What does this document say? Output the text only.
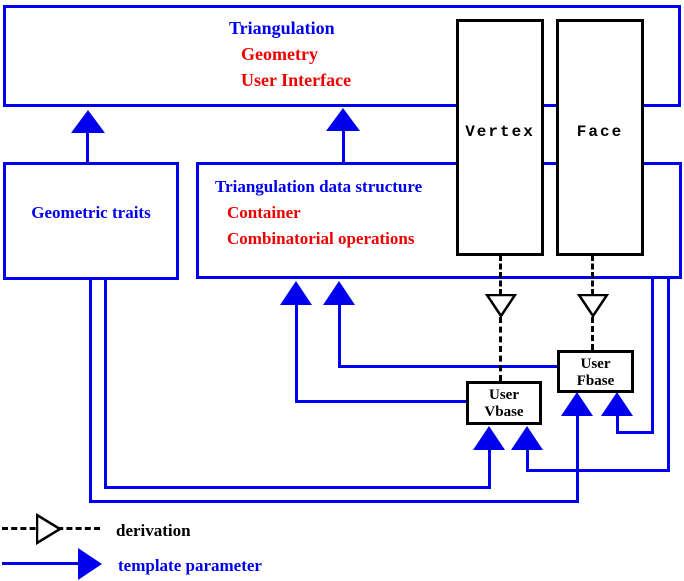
Triangulation
Geometry
User Interface
Geometric traits
Triangulation data structure
Container
Combinatorial operations
Vertex	Face
User
Vbase
User
Fbase
derivation
template parameter
